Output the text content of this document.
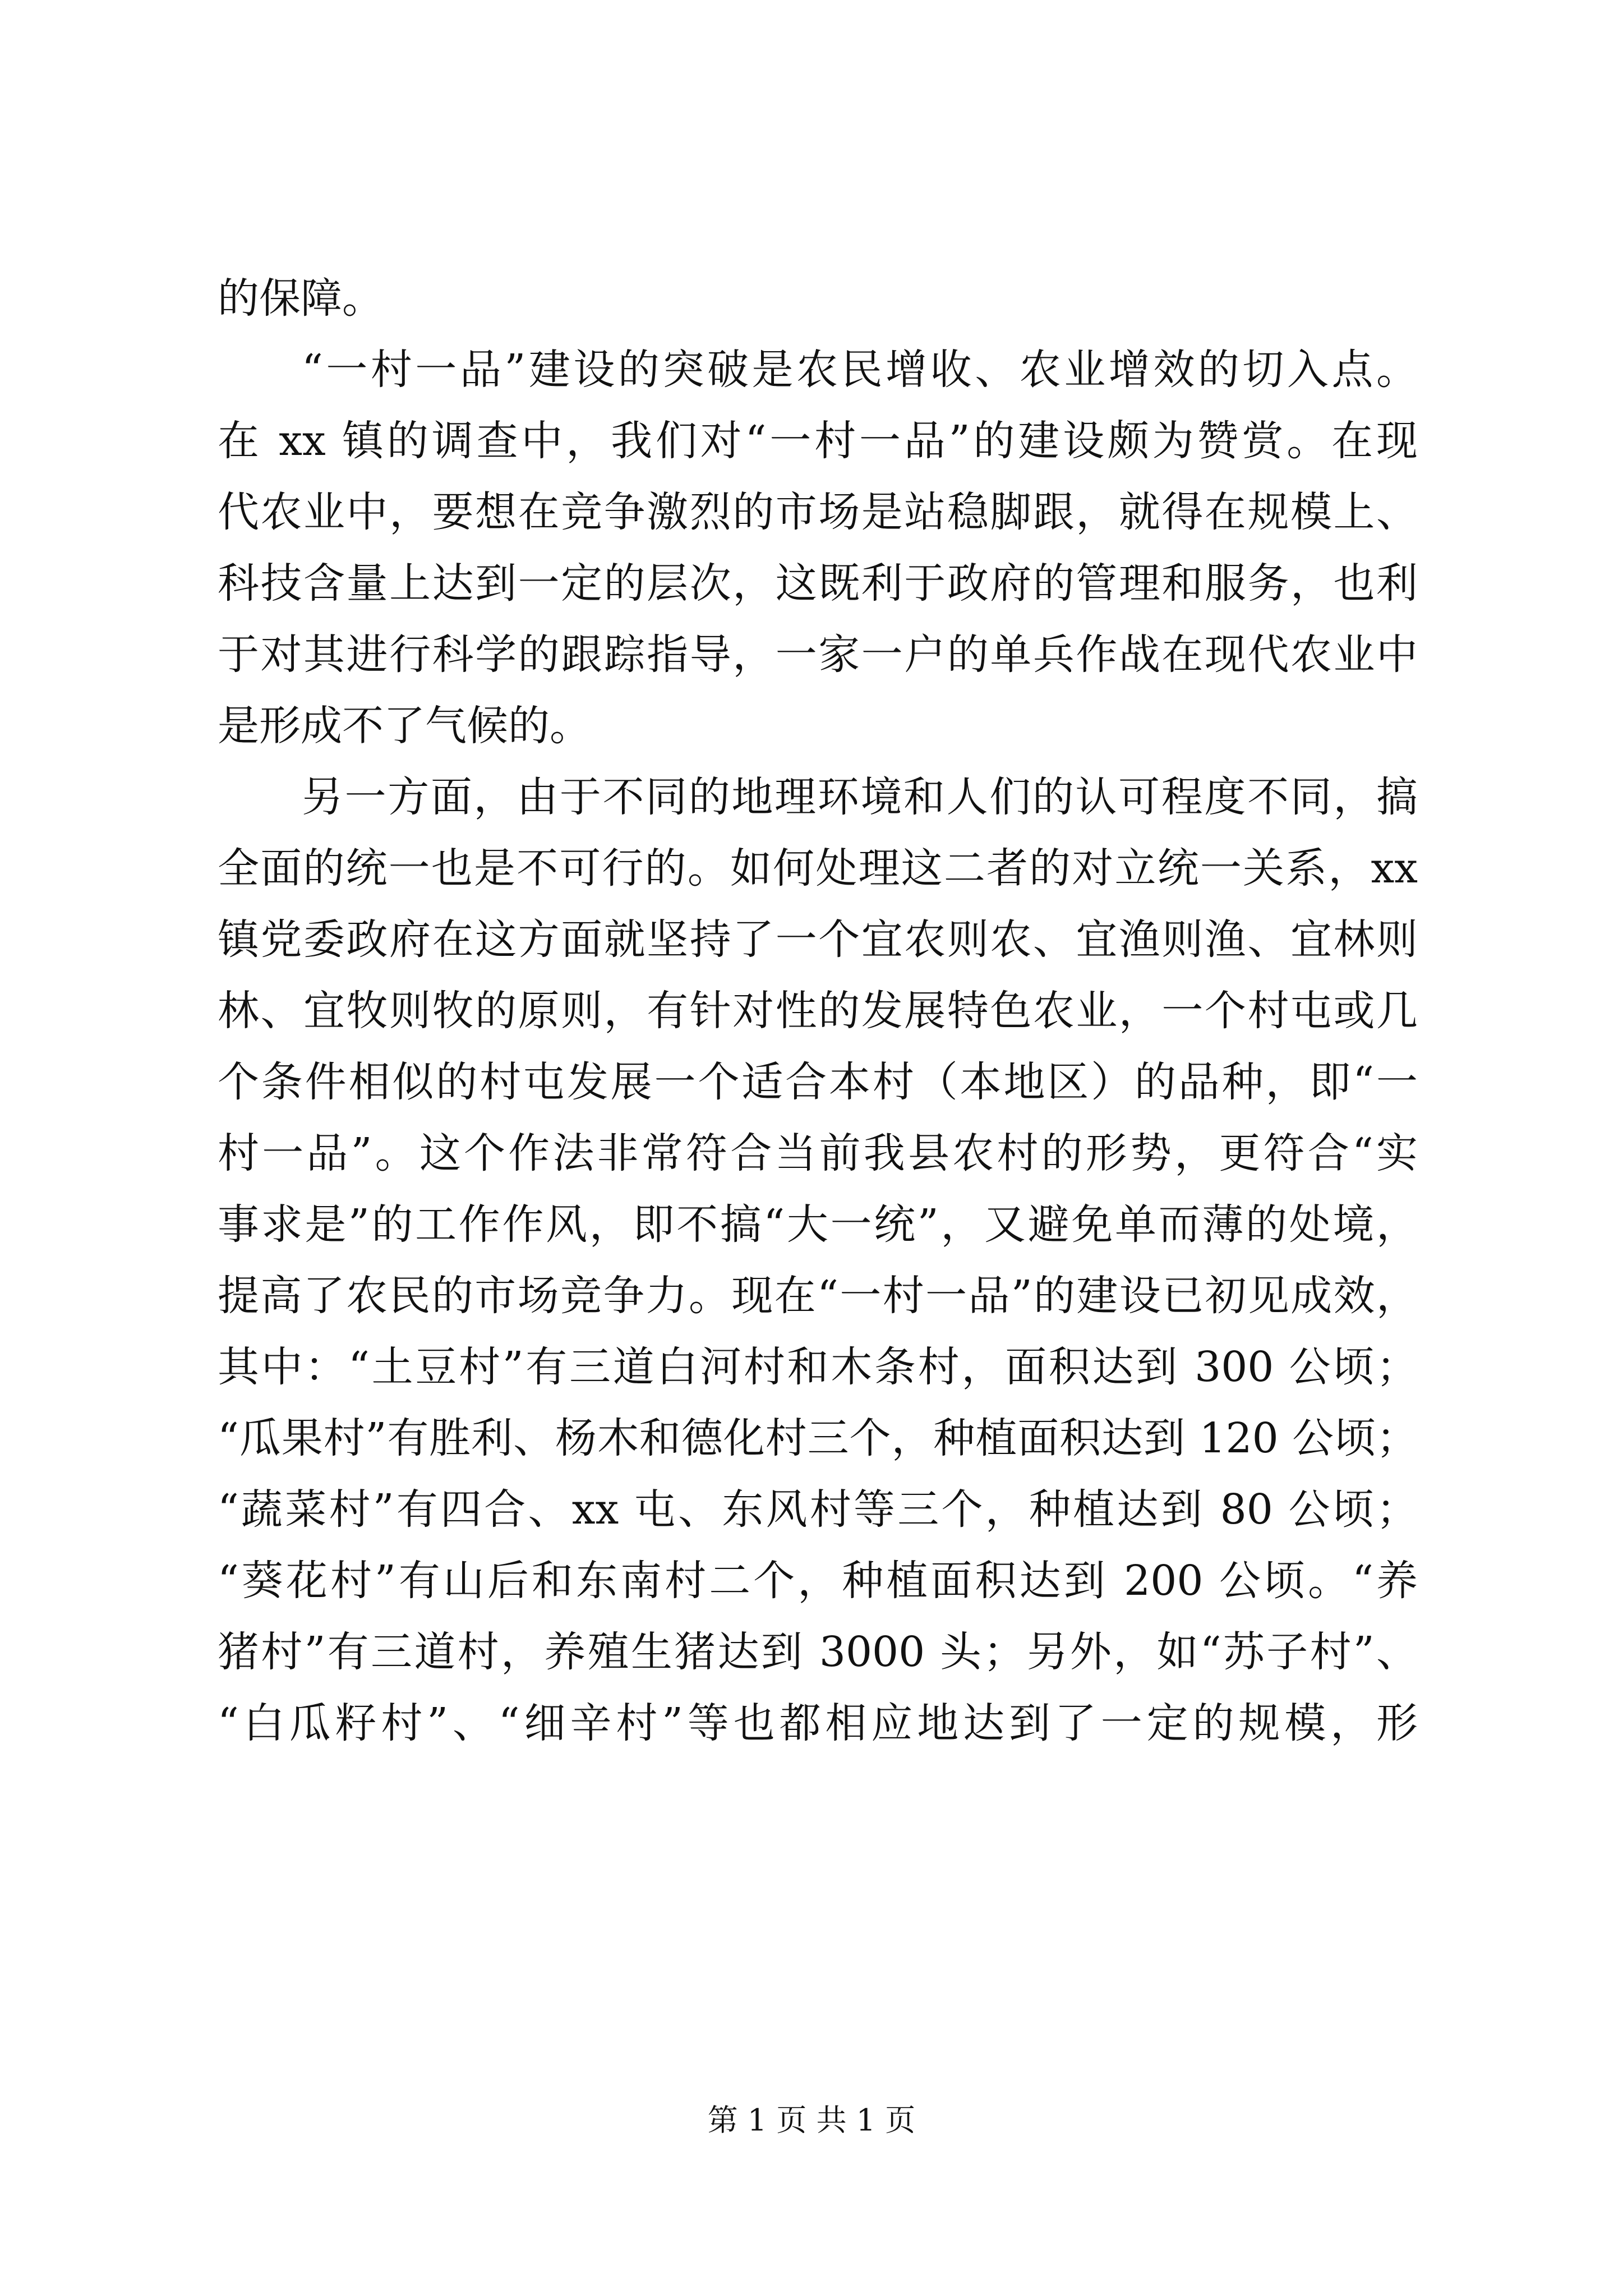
的保障。
“一村一品”建设的突破是农民增收、农业增效的切入点。
在 xx 镇的调查中，我们对“一村一品”的建设颇为赞赏。在现
代农业中，要想在竞争激烈的市场是站稳脚跟，就得在规模上、
科技含量上达到一定的层次，这既利于政府的管理和服务，也利
于对其进行科学的跟踪指导，一家一户的单兵作战在现代农业中
是形成不了气候的。
另一方面，由于不同的地理环境和人们的认可程度不同，搞
全面的统一也是不可行的。如何处理这二者的对立统一关系，xx
镇党委政府在这方面就坚持了一个宜农则农、宜渔则渔、宜林则
林、宜牧则牧的原则，有针对性的发展特色农业，一个村屯或几
个条件相似的村屯发展一个适合本村（本地区）的品种，即“一
村一品”。这个作法非常符合当前我县农村的形势，更符合“实
事求是”的工作作风，即不搞“大一统”，又避免单而薄的处境，
提高了农民的市场竞争力。现在“一村一品”的建设已初见成效，
其中：“土豆村”有三道白河村和木条村，面积达到 300 公顷；
“瓜果村”有胜利、杨木和德化村三个，种植面积达到 120 公顷；
“蔬菜村”有四合、xx 屯、东风村等三个，种植达到 80 公顷；
“葵花村”有山后和东南村二个，种植面积达到 200 公顷。“养
猪村”有三道村，养殖生猪达到 3000 头；另外，如“苏子村”、
“白瓜籽村”、“细辛村”等也都相应地达到了一定的规模，形
第 1 页 共 1 页
